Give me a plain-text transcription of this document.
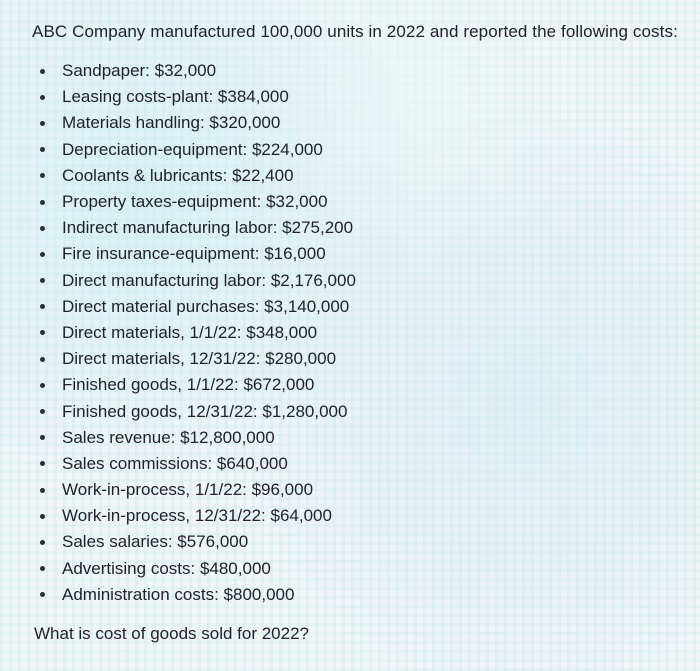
ABC Company manufactured 100,000 units in 2022 and reported the following costs:

Sandpaper: $32,000
Leasing costs-plant: $384,000
Materials handling: $320,000
Depreciation-equipment: $224,000
Coolants & lubricants: $22,400
Property taxes-equipment: $32,000
Indirect manufacturing labor: $275,200
Fire insurance-equipment: $16,000
Direct manufacturing labor: $2,176,000
Direct material purchases: $3,140,000
Direct materials, 1/1/22: $348,000
Direct materials, 12/31/22: $280,000
Finished goods, 1/1/22: $672,000
Finished goods, 12/31/22: $1,280,000
Sales revenue: $12,800,000
Sales commissions: $640,000
Work-in-process, 1/1/22: $96,000
Work-in-process, 12/31/22: $64,000
Sales salaries: $576,000
Advertising costs: $480,000
Administration costs: $800,000

What is cost of goods sold for 2022?
